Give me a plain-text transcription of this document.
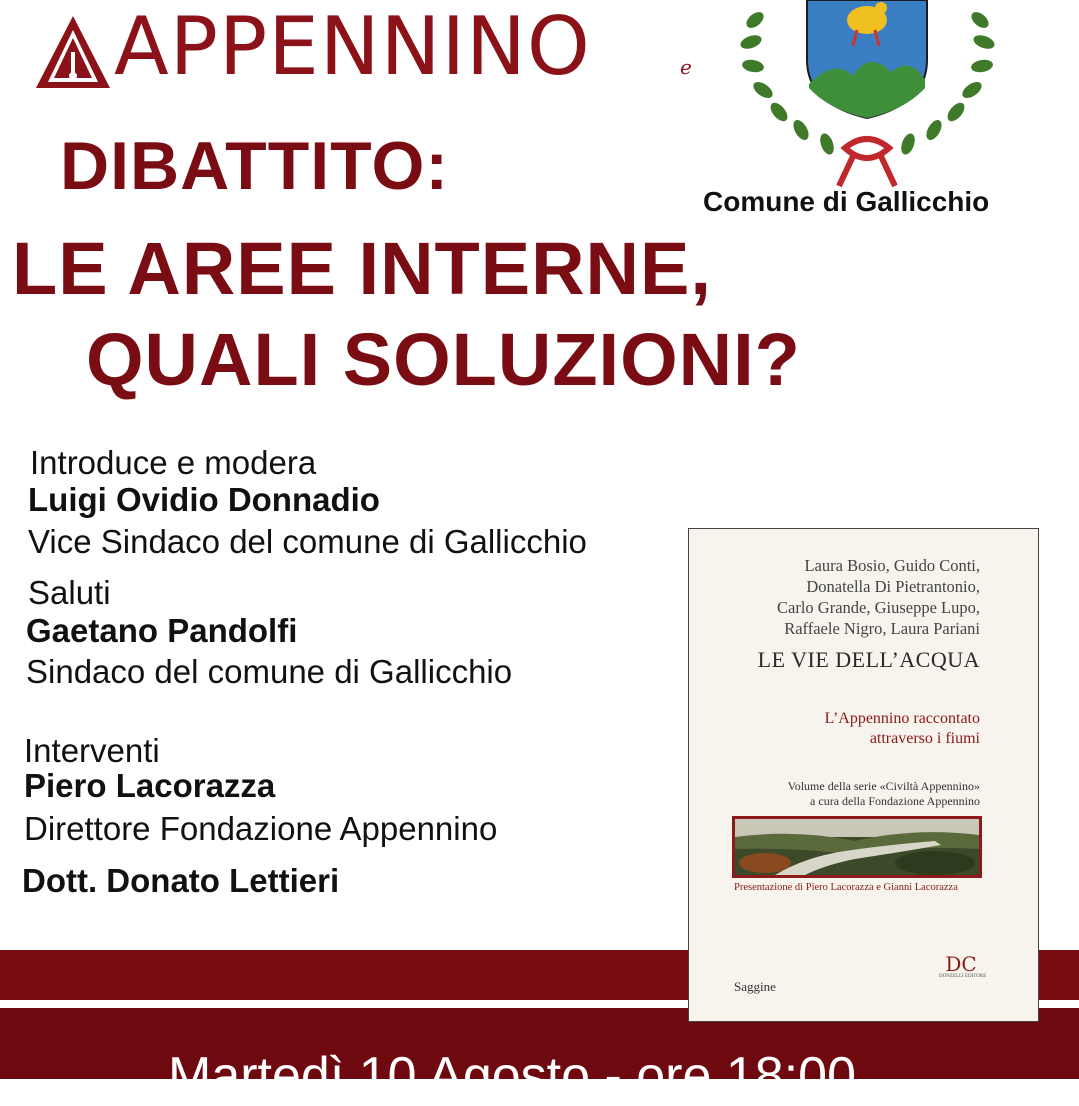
APPENNINO	e
Comune di Gallicchio
DIBATTITO:
LE AREE INTERNE,
QUALI SOLUZIONI?
Introduce e modera
Luigi Ovidio Donnadio
Vice Sindaco del comune di Gallicchio
Saluti
Gaetano Pandolfi
Sindaco del comune di Gallicchio
Interventi
Piero Lacorazza
Direttore Fondazione Appennino
Dott. Donato Lettieri
Martedì 10 Agosto - ore 18:00
Laura Bosio, Guido Conti,
Donatella Di Pietrantonio,
Carlo Grande, Giuseppe Lupo,
Raffaele Nigro, Laura Pariani
LE VIE DELL’ACQUA
L’Appennino raccontato
attraverso i fiumi
Volume della serie «Civiltà Appennino»
a cura della Fondazione Appennino
Presentazione di Piero Lacorazza e Gianni Lacorazza
Saggine
DC
DONZELLI EDITORE
